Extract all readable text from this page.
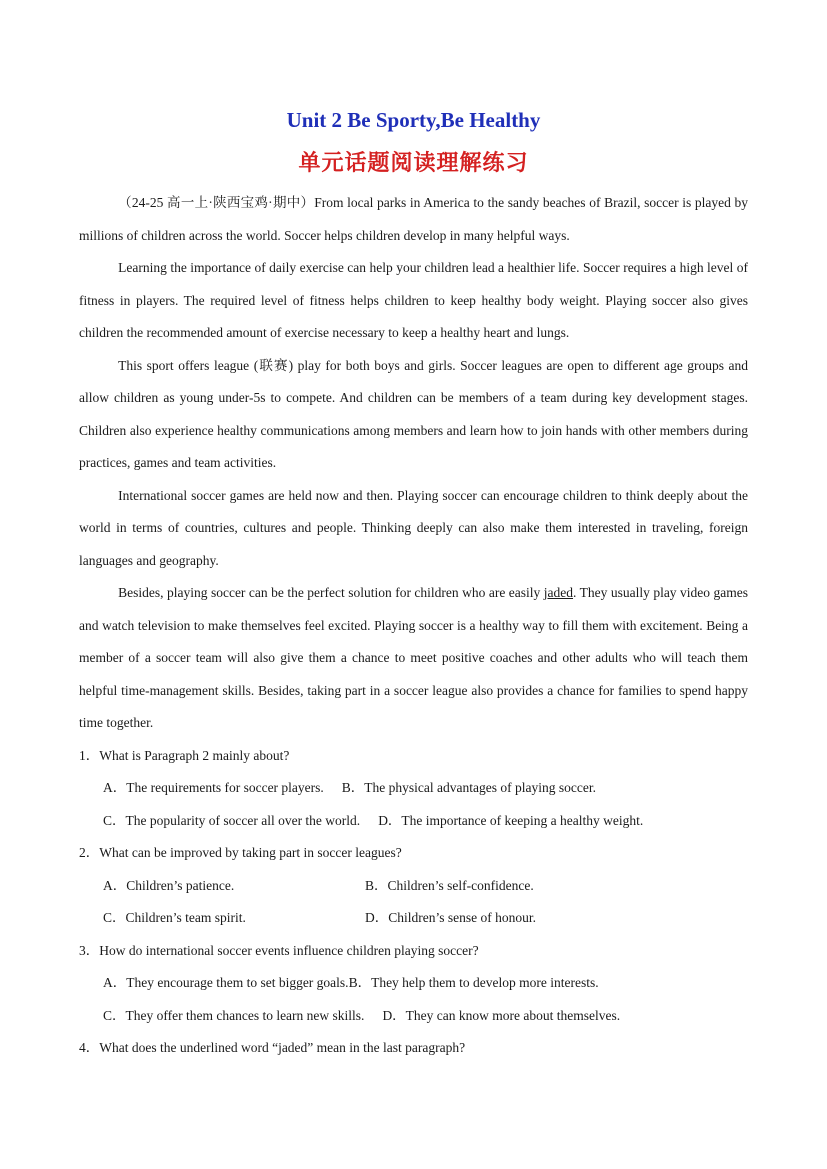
Unit 2 Be Sporty,Be Healthy
单元话题阅读理解练习

（24-25 高一上·陕西宝鸡·期中）From local parks in America to the sandy beaches of Brazil, soccer is played by millions of children across the world. Soccer helps children develop in many helpful ways.

Learning the importance of daily exercise can help your children lead a healthier life. Soccer requires a high level of fitness in players. The required level of fitness helps children to keep healthy body weight. Playing soccer also gives children the recommended amount of exercise necessary to keep a healthy heart and lungs.

This sport offers league (联赛) play for both boys and girls. Soccer leagues are open to different age groups and allow children as young under-5s to compete. And children can be members of a team during key development stages. Children also experience healthy communications among members and learn how to join hands with other members during practices, games and team activities.

International soccer games are held now and then. Playing soccer can encourage children to think deeply about the world in terms of countries, cultures and people. Thinking deeply can also make them interested in traveling, foreign languages and geography.

Besides, playing soccer can be the perfect solution for children who are easily jaded. They usually play video games and watch television to make themselves feel excited. Playing soccer is a healthy way to fill them with excitement. Being a member of a soccer team will also give them a chance to meet positive coaches and other adults who will teach them helpful time-management skills. Besides, taking part in a soccer league also provides a chance for families to spend happy time together.

1．What is Paragraph 2 mainly about?
A．The requirements for soccer players. B．The physical advantages of playing soccer.
C．The popularity of soccer all over the world. D．The importance of keeping a healthy weight.
2．What can be improved by taking part in soccer leagues?
A．Children’s patience.	B．Children’s self-confidence.
C．Children’s team spirit.	D．Children’s sense of honour.
3．How do international soccer events influence children playing soccer?
A．They encourage them to set bigger goals. B．They help them to develop more interests.
C．They offer them chances to learn new skills. D．They can know more about themselves.
4．What does the underlined word “jaded” mean in the last paragraph?
